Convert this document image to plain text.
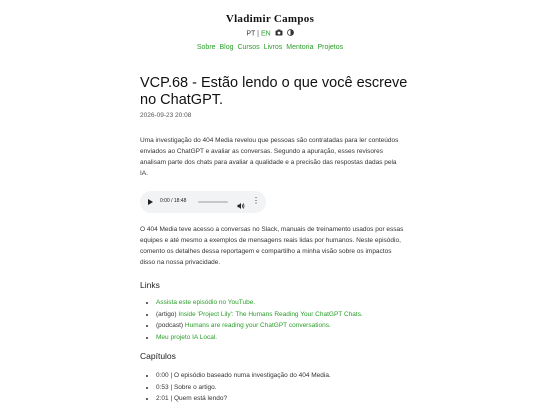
Vladimir Campos
PT | EN
Sobre Blog Cursos Livros Mentoria Projetos
VCP.68 - Estão lendo o que você escreve no ChatGPT.
2026-09-23 20:08

Uma investigação do 404 Media revelou que pessoas são contratadas para ler conteúdos enviados ao ChatGPT e avaliar as conversas. Segundo a apuração, esses revisores analisam parte dos chats para avaliar a qualidade e a precisão das respostas dadas pela IA.

0:00 / 18:48	⋮

O 404 Media teve acesso a conversas no Slack, manuais de treinamento usados por essas equipes e até mesmo a exemplos de mensagens reais lidas por humanos. Neste episódio, comento os detalhes dessa reportagem e compartilho a minha visão sobre os impactos disso na nossa privacidade.

Links
• Assista este episódio no YouTube.
• (artigo) Inside 'Project Lily': The Humans Reading Your ChatGPT Chats.
• (podcast) Humans are reading your ChatGPT conversations.
• Meu projeto IA Local.
Capítulos
• 0:00 | O episódio baseado numa investigação do 404 Media.
• 0:53 | Sobre o artigo.
• 2:01 | Quem está lendo?
